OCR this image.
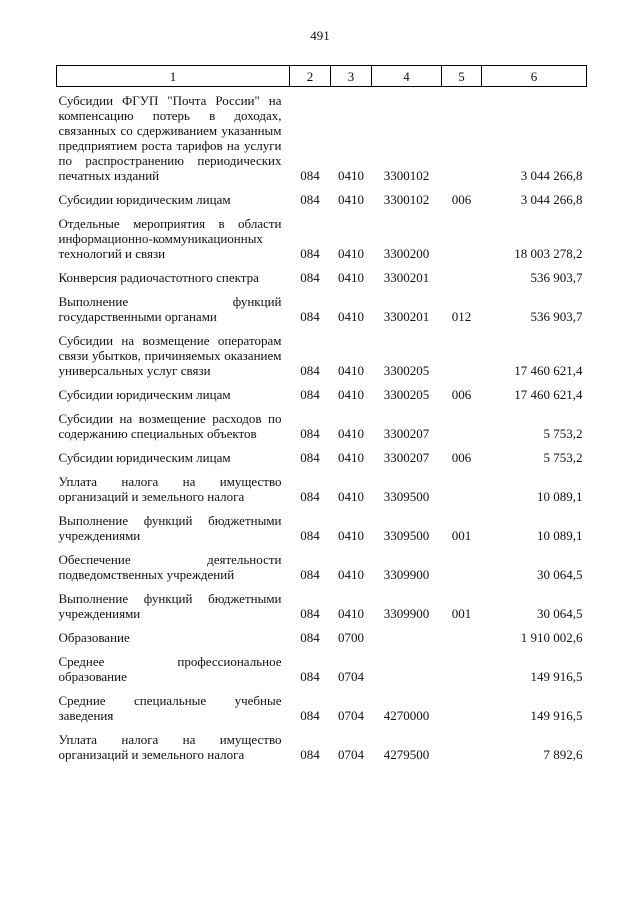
491
1	2	3	4	5	6
Субсидии ФГУП "Почта России" на компенсацию потерь в доходах, связанных со сдерживанием указанным предприятием роста тарифов на услуги по распространению периодических печатных изданий	084	0410	3300102		3 044 266,8
Субсидии юридическим лицам	084	0410	3300102	006	3 044 266,8
Отдельные мероприятия в области информационно-коммуникационных технологий и связи	084	0410	3300200		18 003 278,2
Конверсия радиочастотного спектра	084	0410	3300201		536 903,7
Выполнение функций государственными органами	084	0410	3300201	012	536 903,7
Субсидии на возмещение операторам связи убытков, причиняемых оказанием универсальных услуг связи	084	0410	3300205		17 460 621,4
Субсидии юридическим лицам	084	0410	3300205	006	17 460 621,4
Субсидии на возмещение расходов по содержанию специальных объектов	084	0410	3300207		5 753,2
Субсидии юридическим лицам	084	0410	3300207	006	5 753,2
Уплата налога на имущество организаций и земельного налога	084	0410	3309500		10 089,1
Выполнение функций бюджетными учреждениями	084	0410	3309500	001	10 089,1
Обеспечение деятельности подведомственных учреждений	084	0410	3309900		30 064,5
Выполнение функций бюджетными учреждениями	084	0410	3309900	001	30 064,5
Образование	084	0700			1 910 002,6
Среднее профессиональное образование	084	0704			149 916,5
Средние специальные учебные заведения	084	0704	4270000		149 916,5
Уплата налога на имущество организаций и земельного налога	084	0704	4279500		7 892,6
